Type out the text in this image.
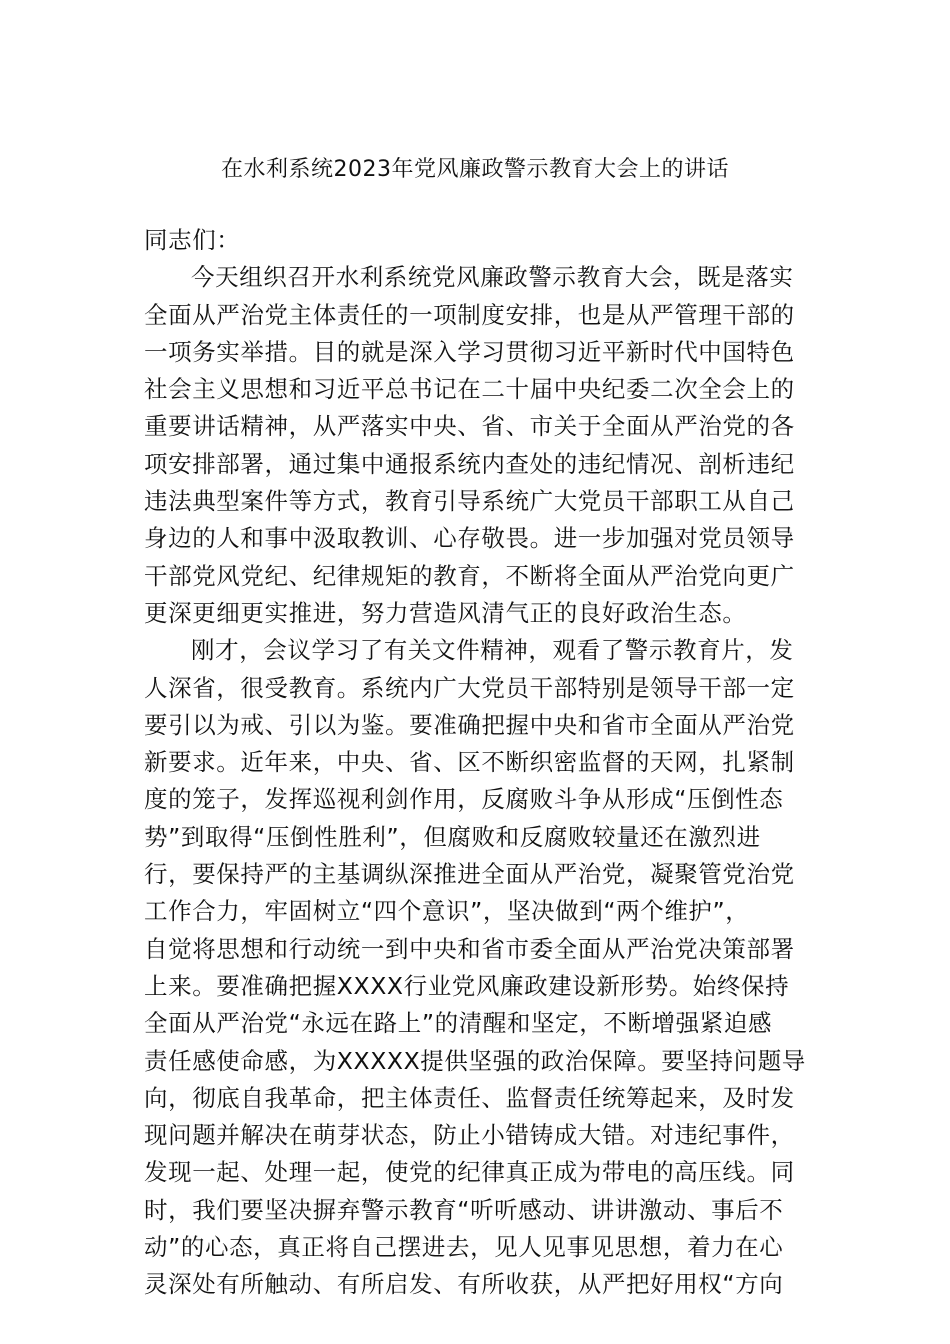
在水利系统2023年党风廉政警示教育大会上的讲话
同志们：
今天组织召开水利系统党风廉政警示教育大会，既是落实
全面从严治党主体责任的一项制度安排，也是从严管理干部的
一项务实举措。目的就是深入学习贯彻习近平新时代中国特色
社会主义思想和习近平总书记在二十届中央纪委二次全会上的
重要讲话精神，从严落实中央、省、市关于全面从严治党的各
项安排部署，通过集中通报系统内查处的违纪情况、剖析违纪
违法典型案件等方式，教育引导系统广大党员干部职工从自己
身边的人和事中汲取教训、心存敬畏。进一步加强对党员领导
干部党风党纪、纪律规矩的教育，不断将全面从严治党向更广
更深更细更实推进，努力营造风清气正的良好政治生态。
刚才，会议学习了有关文件精神，观看了警示教育片，发
人深省，很受教育。系统内广大党员干部特别是领导干部一定
要引以为戒、引以为鉴。要准确把握中央和省市全面从严治党
新要求。近年来，中央、省、区不断织密监督的天网，扎紧制
度的笼子，发挥巡视利剑作用，反腐败斗争从形成“压倒性态
势”到取得“压倒性胜利”，但腐败和反腐败较量还在激烈进
行，要保持严的主基调纵深推进全面从严治党，凝聚管党治党
工作合力，牢固树立“四个意识”，坚决做到“两个维护”，
自觉将思想和行动统一到中央和省市委全面从严治党决策部署
上来。要准确把握XXXX行业党风廉政建设新形势。始终保持
全面从严治党“永远在路上”的清醒和坚定，不断增强紧迫感
责任感使命感，为XXXXX提供坚强的政治保障。要坚持问题导
向，彻底自我革命，把主体责任、监督责任统筹起来，及时发
现问题并解决在萌芽状态，防止小错铸成大错。对违纪事件，
发现一起、处理一起，使党的纪律真正成为带电的高压线。同
时，我们要坚决摒弃警示教育“听听感动、讲讲激动、事后不
动”的心态，真正将自己摆进去，见人见事见思想，着力在心
灵深处有所触动、有所启发、有所收获，从严把好用权“方向
